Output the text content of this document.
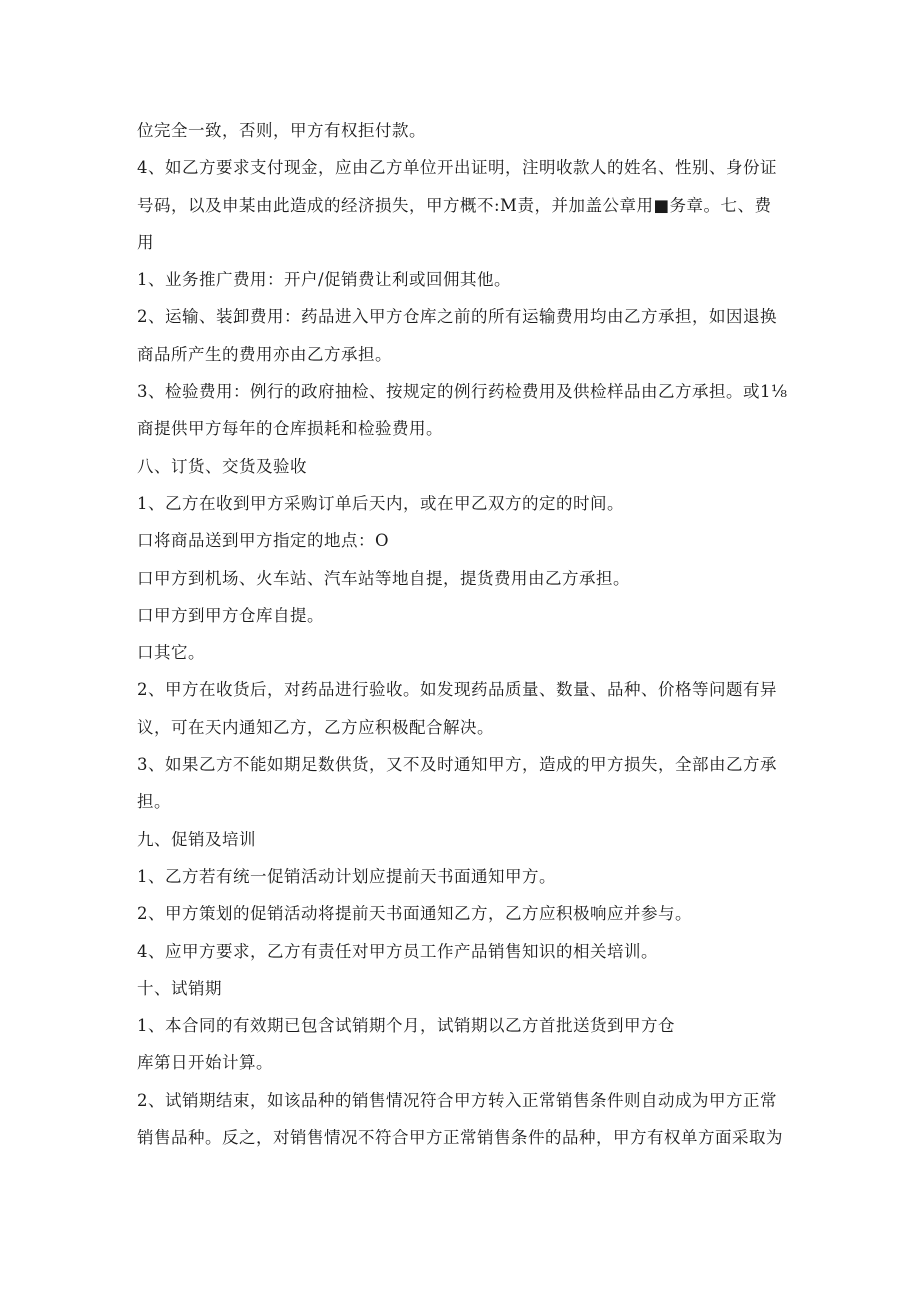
位完全一致，否则，甲方有权拒付款。

4、如乙方要求支付现金，应由乙方单位开出证明，注明收款人的姓名、性别、身份证

号码，以及申某由此造成的经济损失，甲方概不:M责，并加盖公章用■务章。七、费

用

1、业务推广费用：开户/促销费让利或回佣其他。

2、运输、装卸费用：药品进入甲方仓库之前的所有运输费用均由乙方承担，如因退换

商品所产生的费用亦由乙方承担。

3、检验费用：例行的政府抽检、按规定的例行药检费用及供检样品由乙方承担。或1⅛

商提供甲方每年的仓库损耗和检验费用。

八、订货、交货及验收

1、乙方在收到甲方采购订单后天内，或在甲乙双方的定的时间。

口将商品送到甲方指定的地点：O

口甲方到机场、火车站、汽车站等地自提，提货费用由乙方承担。

口甲方到甲方仓库自提。

口其它。

2、甲方在收货后，对药品进行验收。如发现药品质量、数量、品种、价格等问题有异

议，可在天内通知乙方，乙方应积极配合解决。

3、如果乙方不能如期足数供货，又不及时通知甲方，造成的甲方损失，全部由乙方承

担。

九、促销及培训

1、乙方若有统一促销活动计划应提前天书面通知甲方。

2、甲方策划的促销活动将提前天书面通知乙方，乙方应积极响应并参与。

4、应甲方要求，乙方有责任对甲方员工作产品销售知识的相关培训。

十、试销期

1、本合同的有效期已包含试销期个月，试销期以乙方首批送货到甲方仓

库第日开始计算。

2、试销期结束，如该品种的销售情况符合甲方转入正常销售条件则自动成为甲方正常

销售品种。反之，对销售情况不符合甲方正常销售条件的品种，甲方有权单方面采取为
